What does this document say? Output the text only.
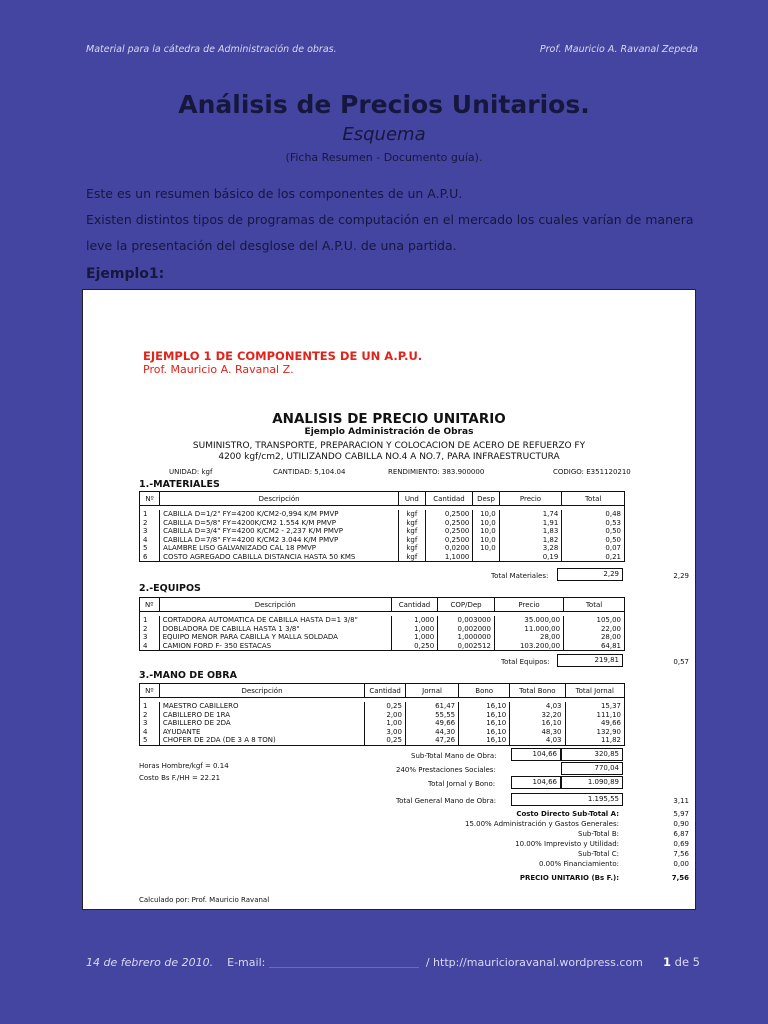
Material para la cátedra de Administración de obras.	Prof. Mauricio A. Ravanal Zepeda
Análisis de Precios Unitarios.
Esquema
(Ficha Resumen - Documento guía).
Este es un resumen básico de los componentes de un A.P.U.
Existen distintos tipos de programas de computación en el mercado los cuales varían de manera
leve la presentación del desglose del A.P.U. de una partida.
Ejemplo1:
EJEMPLO 1 DE COMPONENTES DE UN A.P.U.
Prof. Mauricio A. Ravanal Z.
ANALISIS DE PRECIO UNITARIO
Ejemplo Administración de Obras
SUMINISTRO, TRANSPORTE, PREPARACION Y COLOCACION DE ACERO DE REFUERZO FY
4200 kgf/cm2, UTILIZANDO CABILLA NO.4 A NO.7, PARA INFRAESTRUCTURA
UNIDAD: kgf	CANTIDAD: 5,104.04	RENDIMIENTO: 383.900000	CODIGO: E351120210
1.-MATERIALES
Nº	Descripción	Und	Cantidad	Desp	Precio	Total

1	CABILLA D=1/2" FY=4200 K/CM2-0,994 K/M PMVP	kgf	0,2500	10,0	1,74	0,48
2	CABILLA D=5/8" FY=4200K/CM2 1.554 K/M PMVP	kgf	0,2500	10,0	1,91	0,53
3	CABILLA D=3/4" FY=4200 K/CM2 - 2,237 K/M PMVP	kgf	0,2500	10,0	1,83	0,50
4	CABILLA D=7/8" FY=4200 K/CM2 3.044 K/M PMVP	kgf	0,2500	10,0	1,82	0,50
5	ALAMBRE LISO GALVANIZADO CAL 18 PMVP	kgf	0,0200	10,0	3,28	0,07
6	COSTO AGREGADO CABILLA DISTANCIA HASTA 50 KMS	kgf	1,1000		0,19	0,21
Total Materiales:	2,29	2,29
2.-EQUIPOS
Nº	Descripción	Cantidad	COP/Dep	Precio	Total

1	CORTADORA AUTOMATICA DE CABILLA HASTA D=1 3/8"	1,000	0,003000	35.000,00	105,00
2	DOBLADORA DE CABILLA HASTA 1 3/8"	1,000	0,002000	11.000,00	22,00
3	EQUIPO MENOR PARA CABILLA Y MALLA SOLDADA	1,000	1,000000	28,00	28,00
4	CAMION FORD F- 350 ESTACAS	0,250	0,002512	103.200,00	64,81
Total Equipos:	219,81	0,57
3.-MANO DE OBRA
Nº	Descripción	Cantidad	Jornal	Bono	Total Bono	Total Jornal

1	MAESTRO CABILLERO	0,25	61,47	16,10	4,03	15,37
2	CABILLERO DE 1RA	2,00	55,55	16,10	32,20	111,10
3	CABILLERO DE 2DA	1,00	49,66	16,10	16,10	49,66
4	AYUDANTE	3,00	44,30	16,10	48,30	132,90
5	CHOFER DE 2DA (DE 3 A 8 TON)	0,25	47,26	16,10	4,03	11,82
Sub-Total Mano de Obra:	104,66	320,85
Horas Hombre/kgf = 0.14	240% Prestaciones Sociales:	770,04
Costo Bs F./HH = 22.21
Total Jornal y Bono:	104,66	1.090,89
Total General Mano de Obra:	1.195,55	3,11
Costo Directo Sub-Total A:	5,97
15.00% Administración y Gastos Generales:	0,90
Sub-Total B:	6,87
10.00% Imprevisto y Utilidad:	0,69
Sub-Total C:	7,56
0.00% Financiamiento:	0,00
PRECIO UNITARIO (Bs F.):	7,56
Calculado por: Prof. Mauricio Ravanal
14 de febrero de 2010. E-mail:	/ http://mauricioravanal.wordpress.com 1 de 5
